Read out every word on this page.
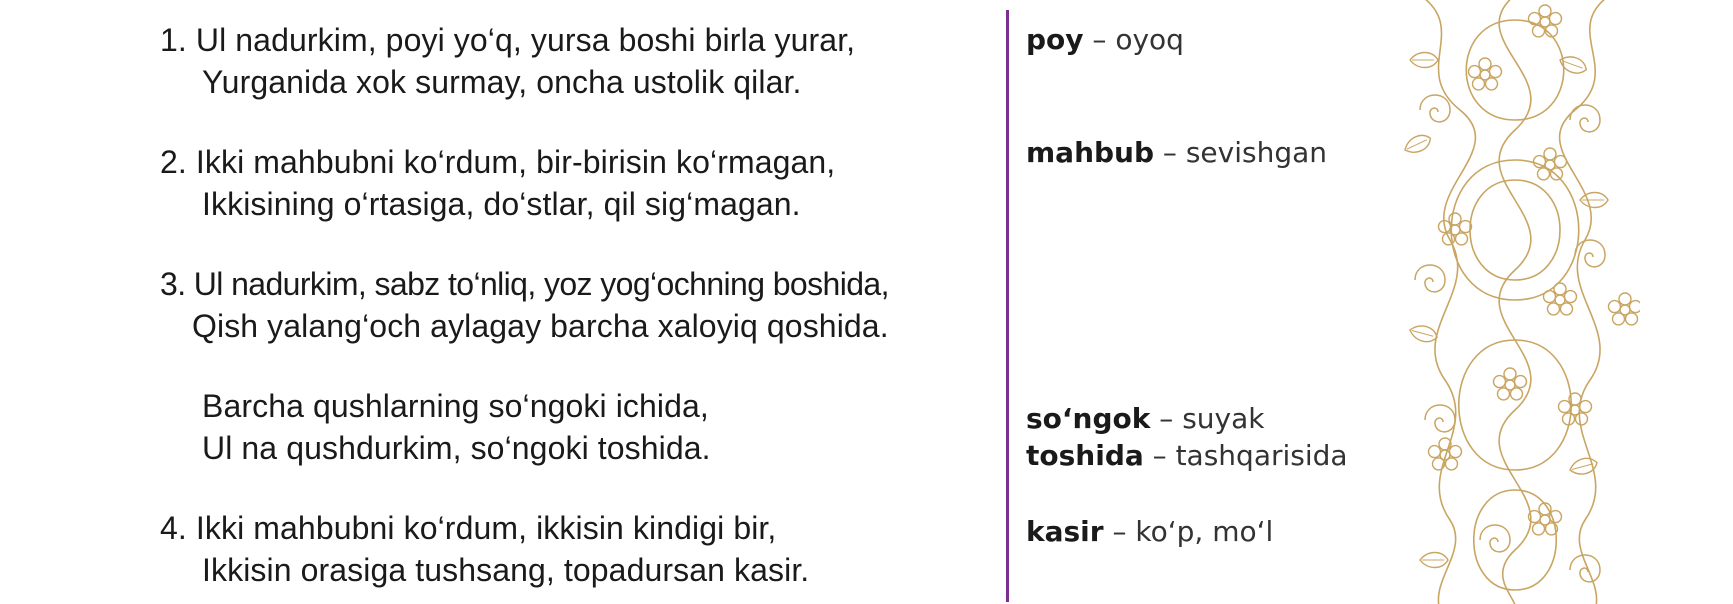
1. Ul nadurkim, poyi yo‘q, yursa boshi birla yurar,
Yurganida xok surmay, oncha ustolik qilar.
2. Ikki mahbubni ko‘rdum, bir-birisin ko‘rmagan,
Ikkisining o‘rtasiga, do‘stlar, qil sig‘magan.
3. Ul nadurkim, sabz to‘nliq, yoz yog‘ochning boshida,
Qish yalang‘och aylagay barcha xaloyiq qoshida.
Barcha qushlarning so‘ngoki ichida,
Ul na qushdurkim, so‘ngoki toshida.
4. Ikki mahbubni ko‘rdum, ikkisin kindigi bir,
Ikkisin orasiga tushsang, topadursan kasir.
poy – oyoq
mahbub – sevishgan
so‘ngok – suyak
toshida – tashqarisida
kasir – ko‘p, mo‘l
